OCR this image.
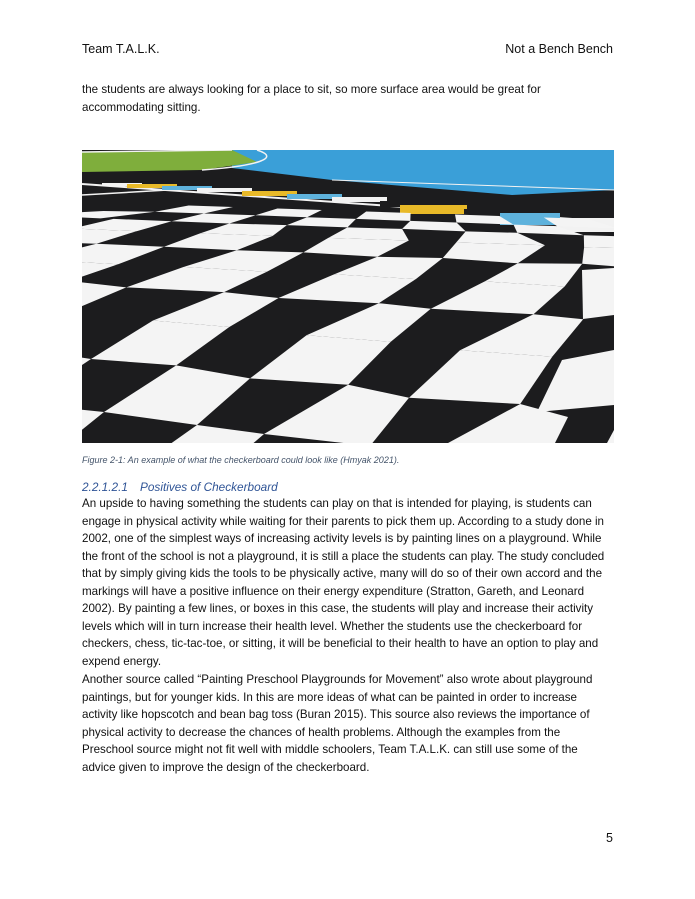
Team T.A.L.K.	Not a Bench Bench
the students are always looking for a place to sit, so more surface area would be great for accommodating sitting.
Figure 2-1: An example of what the checkerboard could look like (Hmyak 2021).
2.2.1.2.1 Positives of Checkerboard
An upside to having something the students can play on that is intended for playing, is students can engage in physical activity while waiting for their parents to pick them up. According to a study done in 2002, one of the simplest ways of increasing activity levels is by painting lines on a playground. While the front of the school is not a playground, it is still a place the students can play. The study concluded that by simply giving kids the tools to be physically active, many will do so of their own accord and the markings will have a positive influence on their energy expenditure (Stratton, Gareth, and Leonard 2002). By painting a few lines, or boxes in this case, the students will play and increase their activity levels which will in turn increase their health level. Whether the students use the checkerboard for checkers, chess, tic-tac-toe, or sitting, it will be beneficial to their health to have an option to play and expend energy.
Another source called “Painting Preschool Playgrounds for Movement” also wrote about playground paintings, but for younger kids. In this are more ideas of what can be painted in order to increase activity like hopscotch and bean bag toss (Buran 2015). This source also reviews the importance of physical activity to decrease the chances of health problems. Although the examples from the Preschool source might not fit well with middle schoolers, Team T.A.L.K. can still use some of the advice given to improve the design of the checkerboard.
5
